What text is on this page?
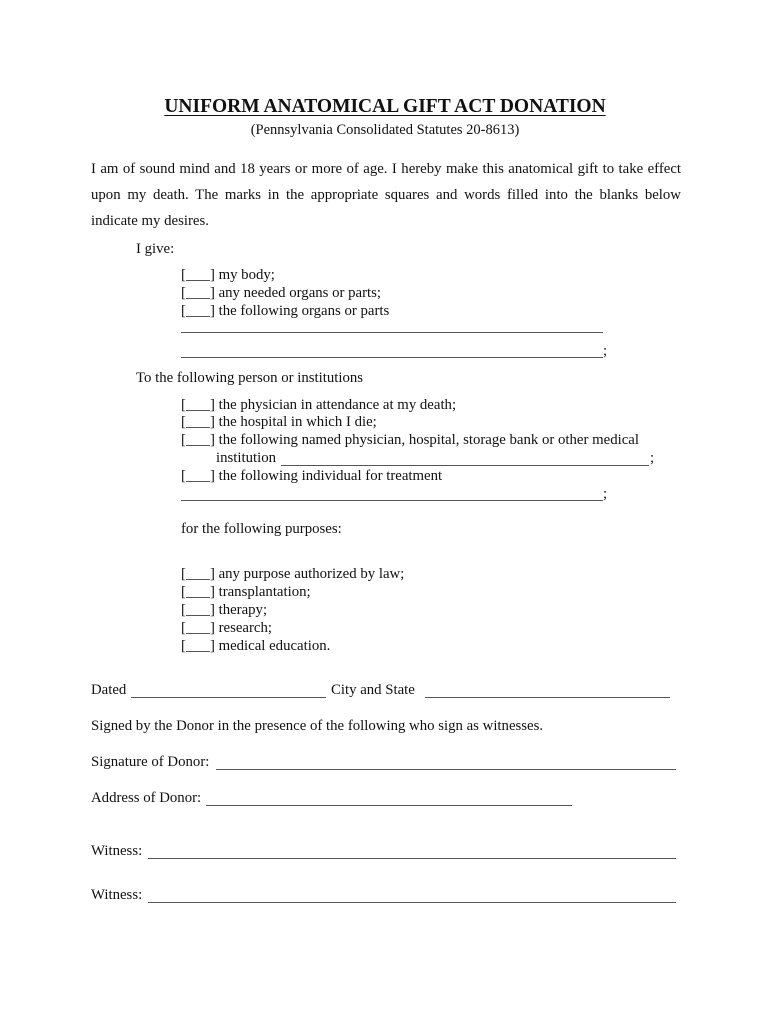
UNIFORM ANATOMICAL GIFT ACT DONATION
(Pennsylvania Consolidated Statutes 20-8613)
I am of sound mind and 18 years or more of age. I hereby make this anatomical gift to take effect upon my death. The marks in the appropriate squares and words filled into the blanks below indicate my desires.
I give:
[ ] my body;
[ ] any needed organs or parts;
[ ] the following organs or parts
;
To the following person or institutions
[ ] the physician in attendance at my death;
[ ] the hospital in which I die;
[ ] the following named physician, hospital, storage bank or other medical
institution	;
[ ] the following individual for treatment
;
for the following purposes:
[ ] any purpose authorized by law;
[ ] transplantation;
[ ] therapy;
[ ] research;
[ ] medical education.
Dated	City and State
Signed by the Donor in the presence of the following who sign as witnesses.
Signature of Donor:
Address of Donor:
Witness:
Witness:
